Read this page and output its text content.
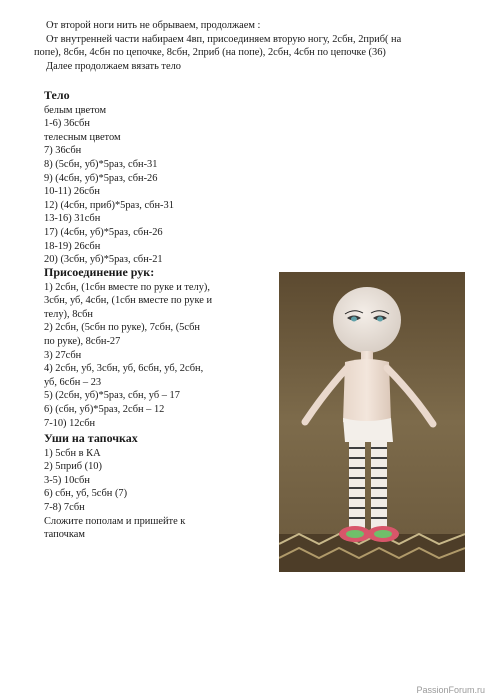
От второй ноги нить не обрываем, продолжаем :

От внутренней части набираем 4вп, присоединяем вторую ногу, 2сбн, 2приб( на

попе), 8сбн, 4сбн по цепочке, 8сбн, 2приб (на попе), 2сбн, 4сбн по цепочке (36)

Далее продолжаем вязать тело

Тело

белым цветом

1-6) 36сбн

телесным цветом

7) 36сбн

8) (5сбн, уб)*5раз, сбн-31

9) (4сбн, уб)*5раз, сбн-26

10-11) 26сбн

12) (4сбн, приб)*5раз, сбн-31

13-16) 31сбн

17) (4сбн, уб)*5раз, сбн-26

18-19) 26сбн

20) (3сбн, уб)*5раз, сбн-21

Присоединение рук:

1) 2сбн, (1сбн вместе по руке и телу),

3сбн, уб, 4сбн, (1сбн вместе по руке и

телу), 8сбн

2) 2сбн, (5сбн по руке), 7сбн, (5сбн

по руке), 8сбн-27

3) 27сбн

4) 2сбн, уб, 3сбн, уб, 6сбн, уб, 2сбн,

уб, 6сбн – 23

5) (2сбн, уб)*5раз, сбн, уб – 17

6) (сбн, уб)*5раз, 2сбн – 12

7-10) 12сбн

Уши на тапочках

1) 5сбн в КА

2) 5приб (10)

3-5) 10сбн

6) сбн, уб, 5сбн (7)

7-8) 7сбн

Сложите пополам и пришейте к

тапочкам

PassionForum.ru
